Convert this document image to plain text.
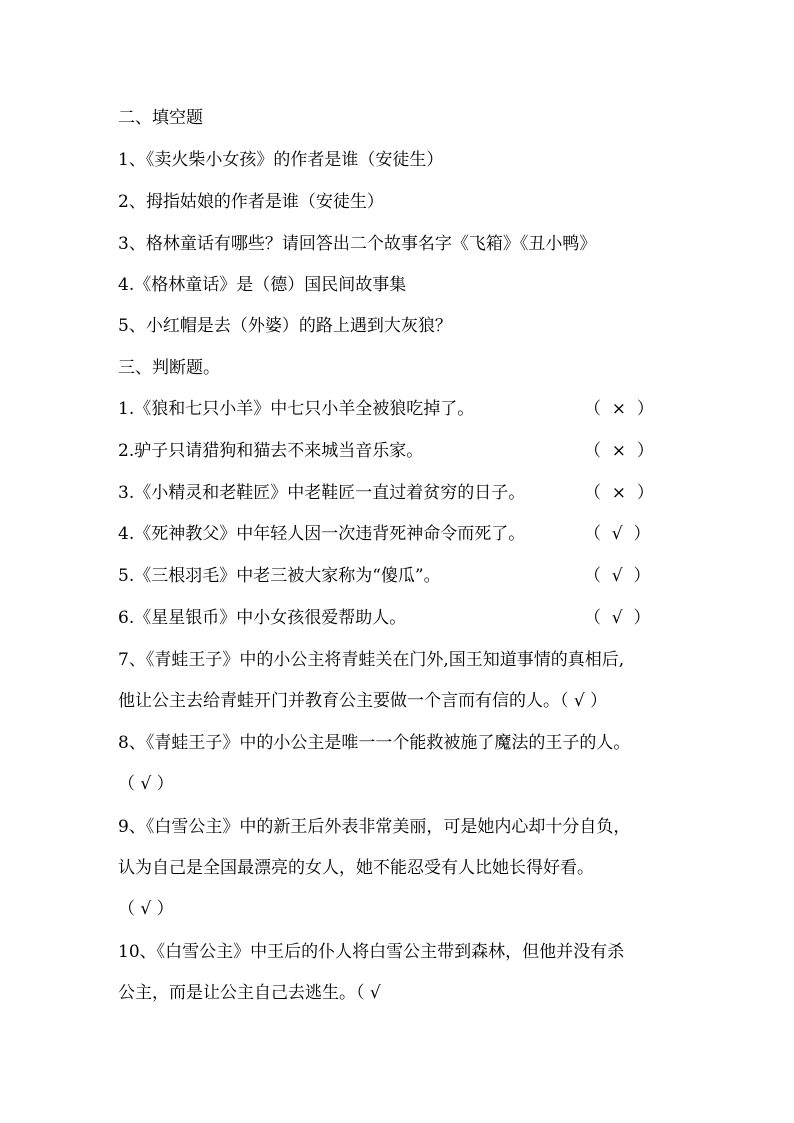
二、填空题
1、《卖火柴小女孩》的作者是谁（安徒生）
2、拇指姑娘的作者是谁（安徒生）
3、格林童话有哪些？请回答出二个故事名字《飞箱》《丑小鸭》
4.《格林童话》是（德）国民间故事集
5、小红帽是去（外婆）的路上遇到大灰狼？
三、判断题。
1.《狼和七只小羊》中七只小羊全被狼吃掉了。	（  ×  ）
2.驴子只请猎狗和猫去不来城当音乐家。	（  ×  ）
3.《小精灵和老鞋匠》中老鞋匠一直过着贫穷的日子。	（  ×  ）
4.《死神教父》中年轻人因一次违背死神命令而死了。	（  √  ）
5.《三根羽毛》中老三被大家称为“傻瓜”。	（  √  ）
6.《星星银币》中小女孩很爱帮助人。	（  √  ）
7、《青蛙王子》中的小公主将青蛙关在门外,国王知道事情的真相后,
他让公主去给青蛙开门并教育公主要做一个言而有信的人。（ √ ）
8、《青蛙王子》中的小公主是唯一一个能救被施了魔法的王子的人。
（ √ ）
9、《白雪公主》中的新王后外表非常美丽，可是她内心却十分自负，
认为自己是全国最漂亮的女人，她不能忍受有人比她长得好看。
（ √ ）
10、《白雪公主》中王后的仆人将白雪公主带到森林，但他并没有杀
公主，而是让公主自己去逃生。（ √
